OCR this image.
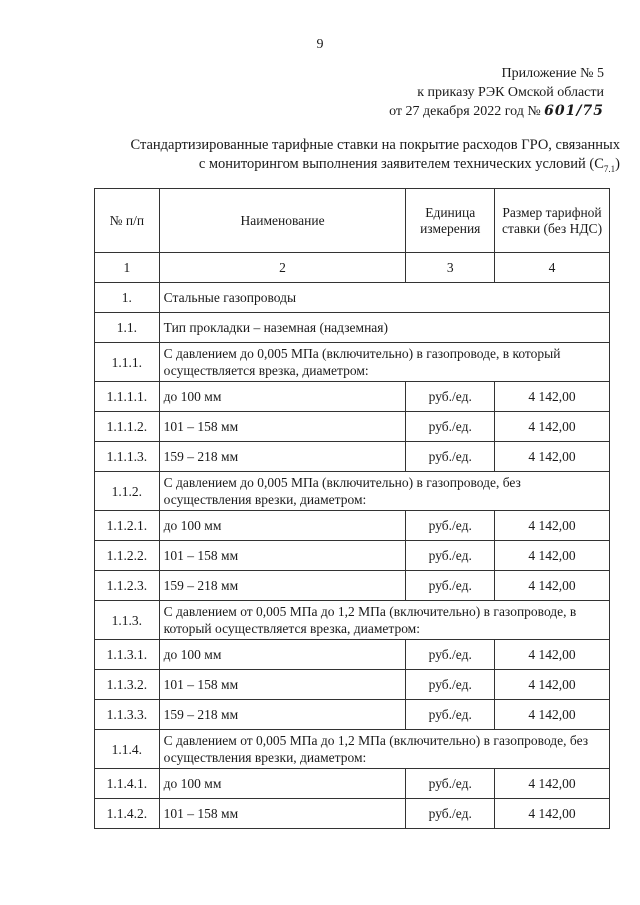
9
Приложение № 5
к приказу РЭК Омской области
от 27 декабря 2022 год № 601/75
Стандартизированные тарифные ставки на покрытие расходов ГРО, связанных
с мониторингом выполнения заявителем технических условий $(С_{7.1})$
№ п/п	Наименование	Единица измерения	Размер тарифной ставки (без НДС)
1	2	3	4
1.	Стальные газопроводы		
1.1.	Тип прокладки – наземная (надземная)		
1.1.1.	С давлением до 0,005 МПа (включительно) в газопроводе, в который осуществляется врезка, диаметром:		
1.1.1.1.	до 100 мм	руб./ед.	4 142,00
1.1.1.2.	101 – 158 мм	руб./ед.	4 142,00
1.1.1.3.	159 – 218 мм	руб./ед.	4 142,00
1.1.2.	С давлением до 0,005 МПа (включительно) в газопроводе, без осуществления врезки, диаметром:		
1.1.2.1.	до 100 мм	руб./ед.	4 142,00
1.1.2.2.	101 – 158 мм	руб./ед.	4 142,00
1.1.2.3.	159 – 218 мм	руб./ед.	4 142,00
1.1.3.	С давлением от 0,005 МПа до 1,2 МПа (включительно) в газопроводе, в который осуществляется врезка, диаметром:		
1.1.3.1.	до 100 мм	руб./ед.	4 142,00
1.1.3.2.	101 – 158 мм	руб./ед.	4 142,00
1.1.3.3.	159 – 218 мм	руб./ед.	4 142,00
1.1.4.	С давлением от 0,005 МПа до 1,2 МПа (включительно) в газопроводе, без осуществления врезки, диаметром:		
1.1.4.1.	до 100 мм	руб./ед.	4 142,00
1.1.4.2.	101 – 158 мм	руб./ед.	4 142,00
